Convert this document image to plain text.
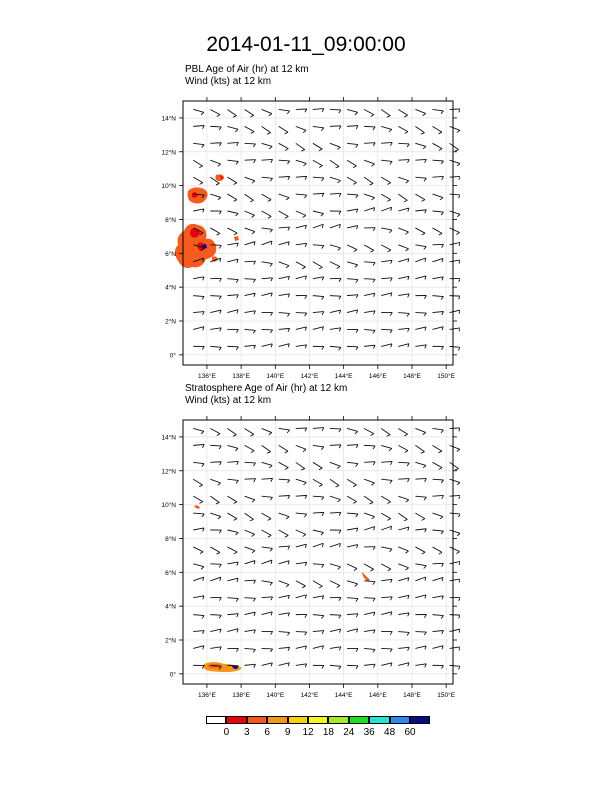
2014-01-11_09:00:00
PBL Age of Air (hr) at 12 km
Wind (kts) at 12 km
136°E	138°E	140°E	142°E	144°E	146°E	148°E	150°E
0°
2°N
4°N
6°N
8°N
10°N
12°N
14°N
Stratosphere Age of Air (hr) at 12 km
Wind (kts) at 12 km
136°E	138°E	140°E	142°E	144°E	146°E	148°E	150°E
0°
2°N
4°N
6°N
8°N
10°N
12°N
14°N
0 3 6 9 12 18 24 36 48 60
